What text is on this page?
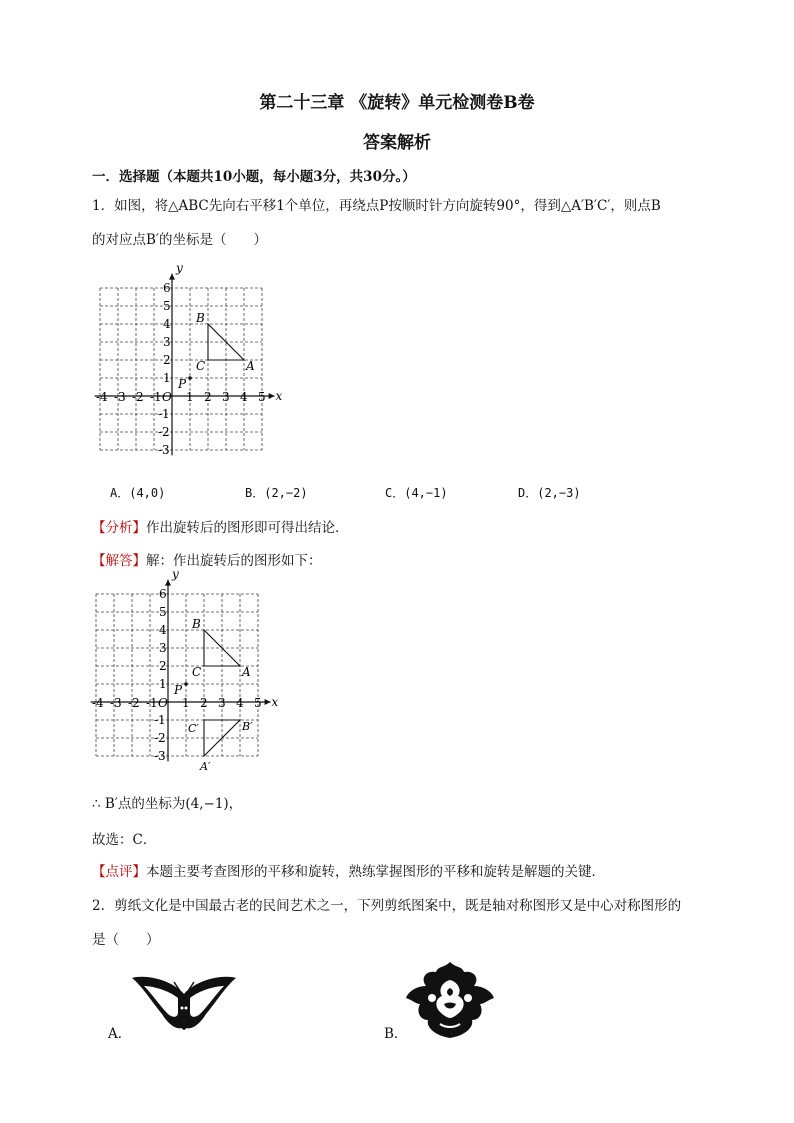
第二十三章 《旋转》单元检测卷B卷
答案解析
一．选择题（本题共10小题，每小题3分，共30分。）
1．如图，将△ABC先向右平移1个单位，再绕点P按顺时针方向旋转90°，得到△A′B′C′，则点B
的对应点B′的坐标是（　　）
x
y
O
-4 -3 -2 -1 1 2 3 4 5
-3
-2
-1
1
2
3
4
5
6
A
B
C
P
A．(4,0)	B．(2,−2)	C．(4,−1)	D．(2,−3)
【分析】作出旋转后的图形即可得出结论．
【解答】解：作出旋转后的图形如下：
x
y
O
-4 -3 -2 -1 1 2 3 4 5
-3
-2
-1
1
2
3
4
5
6
A
B
C
P
A′
B′
C′
∴ B′点的坐标为(4,−1)，
故选：C．
【点评】本题主要考查图形的平移和旋转，熟练掌握图形的平移和旋转是解题的关键．
2．剪纸文化是中国最古老的民间艺术之一，下列剪纸图案中，既是轴对称图形又是中心对称图形的
是（　　）
A．	B．
